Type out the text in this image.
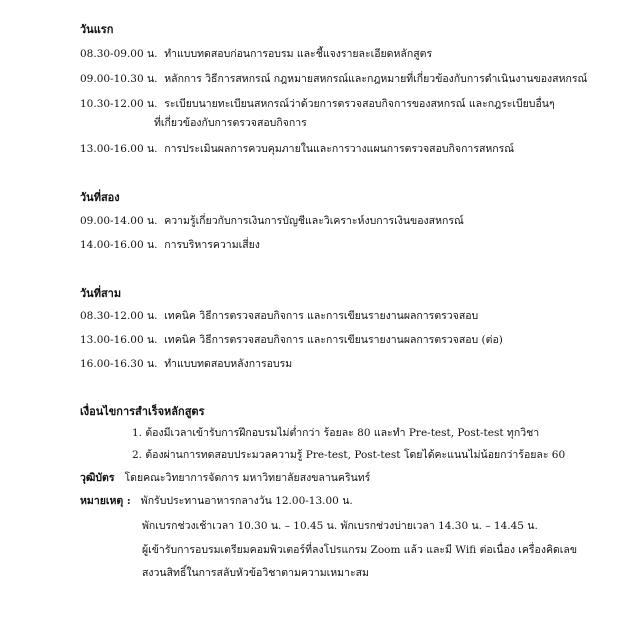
วันแรก
08.30-09.00 น. ทำแบบทดสอบก่อนการอบรม และชี้แจงรายละเอียดหลักสูตร
09.00-10.30 น. หลักการ วิธีการสหกรณ์ กฎหมายสหกรณ์และกฎหมายที่เกี่ยวข้องกับการดำเนินงานของสหกรณ์
10.30-12.00 น. ระเบียบนายทะเบียนสหกรณ์ว่าด้วยการตรวจสอบกิจการของสหกรณ์ และกฎระเบียบอื่นๆ
ที่เกี่ยวข้องกับการตรวจสอบกิจการ
13.00-16.00 น. การประเมินผลการควบคุมภายในและการวางแผนการตรวจสอบกิจการสหกรณ์
วันที่สอง
09.00-14.00 น. ความรู้เกี่ยวกับการเงินการบัญชีและวิเคราะห์งบการเงินของสหกรณ์
14.00-16.00 น. การบริหารความเสี่ยง
วันที่สาม
08.30-12.00 น. เทคนิค วิธีการตรวจสอบกิจการ และการเขียนรายงานผลการตรวจสอบ
13.00-16.00 น. เทคนิค วิธีการตรวจสอบกิจการ และการเขียนรายงานผลการตรวจสอบ (ต่อ)
16.00-16.30 น. ทำแบบทดสอบหลังการอบรม
เงื่อนไขการสำเร็จหลักสูตร
1. ต้องมีเวลาเข้ารับการฝึกอบรมไม่ต่ำกว่า ร้อยละ 80 และทำ Pre-test, Post-test ทุกวิชา
2. ต้องผ่านการทดสอบประมวลความรู้ Pre-test, Post-test โดยได้คะแนนไม่น้อยกว่าร้อยละ 60
วุฒิบัตร โดยคณะวิทยาการจัดการ มหาวิทยาลัยสงขลานครินทร์
หมายเหตุ : พักรับประทานอาหารกลางวัน 12.00-13.00 น.
พักเบรกช่วงเช้าเวลา 10.30 น. – 10.45 น. พักเบรกช่วงบ่ายเวลา 14.30 น. – 14.45 น.
ผู้เข้ารับการอบรมเตรียมคอมพิวเตอร์ที่ลงโปรแกรม Zoom แล้ว และมี Wifi ต่อเนื่อง เครื่องคิดเลข
สงวนสิทธิ์ในการสลับหัวข้อวิชาตามความเหมาะสม
